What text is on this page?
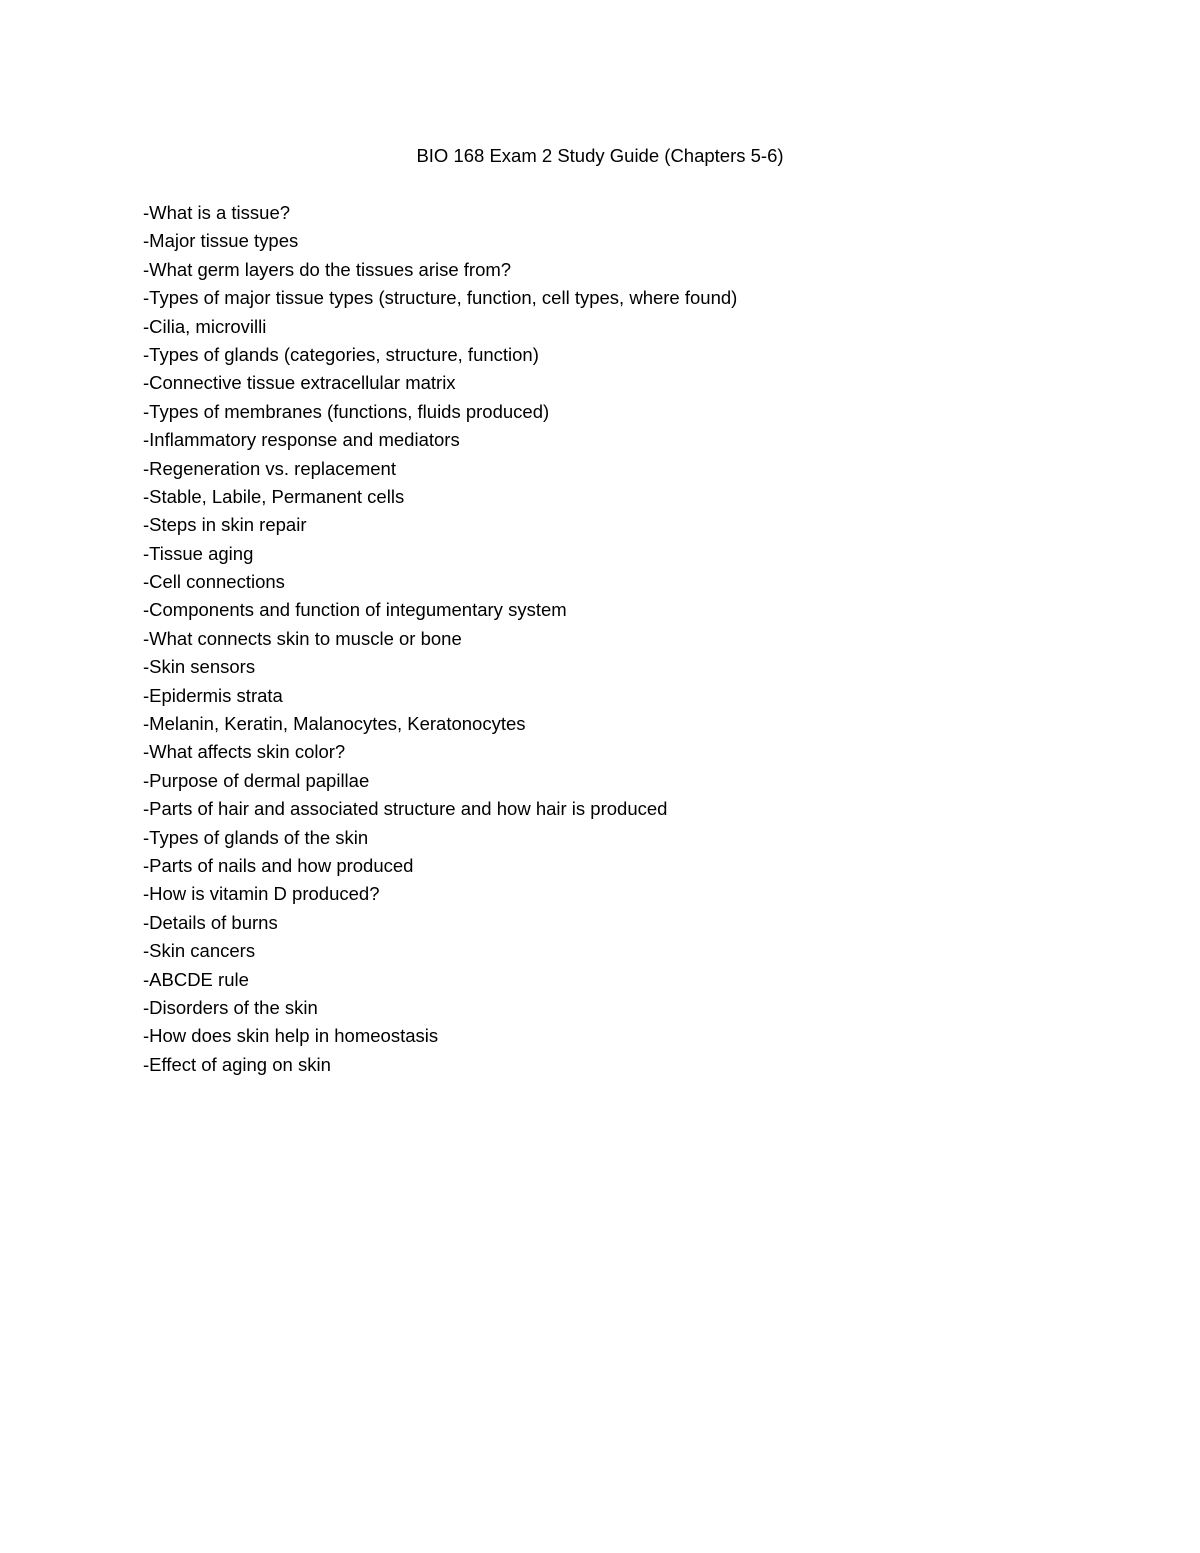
BIO 168 Exam 2 Study Guide (Chapters 5-6)
-What is a tissue?
-Major tissue types
-What germ layers do the tissues arise from?
-Types of major tissue types (structure, function, cell types, where found)
-Cilia, microvilli
-Types of glands (categories, structure, function)
-Connective tissue extracellular matrix
-Types of membranes (functions, fluids produced)
-Inflammatory response and mediators
-Regeneration vs. replacement
-Stable, Labile, Permanent cells
-Steps in skin repair
-Tissue aging
-Cell connections
-Components and function of integumentary system
-What connects skin to muscle or bone
-Skin sensors
-Epidermis strata
-Melanin, Keratin, Malanocytes, Keratonocytes
-What affects skin color?
-Purpose of dermal papillae
-Parts of hair and associated structure and how hair is produced
-Types of glands of the skin
-Parts of nails and how produced
-How is vitamin D produced?
-Details of burns
-Skin cancers
-ABCDE rule
-Disorders of the skin
-How does skin help in homeostasis
-Effect of aging on skin
